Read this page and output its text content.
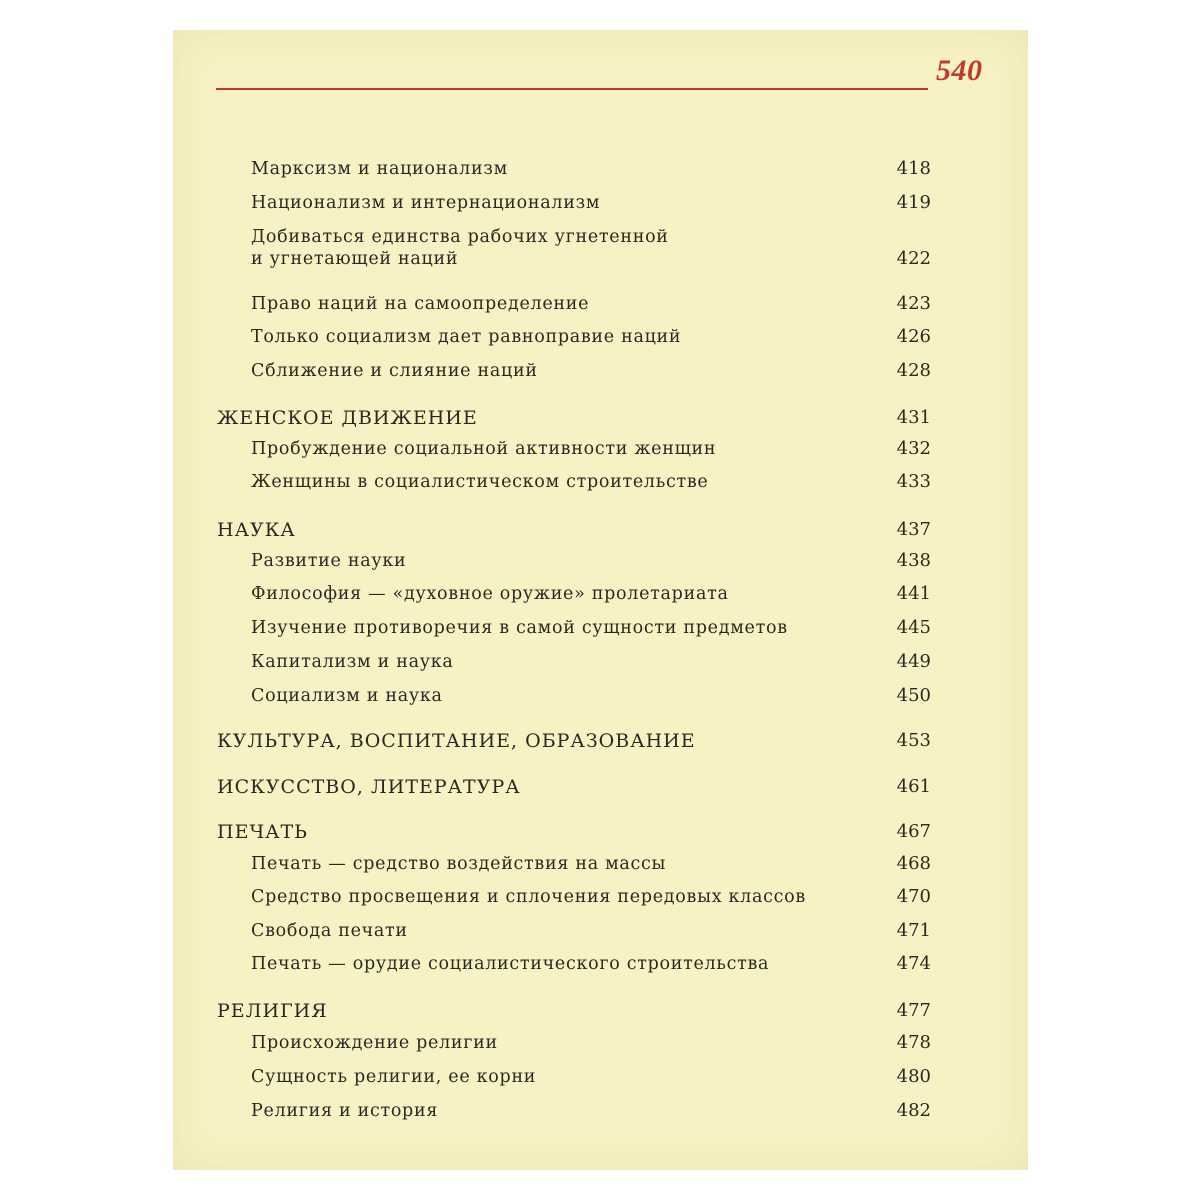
540
Марксизм и национализм	418
Национализм и интернационализм	419
Добиваться единства рабочих угнетенной
и угнетающей наций	422
Право наций на самоопределение	423
Только социализм дает равноправие наций	426
Сближение и слияние наций	428
ЖЕНСКОЕ ДВИЖЕНИЕ	431
Пробуждение социальной активности женщин	432
Женщины в социалистическом строительстве	433
НАУКА	437
Развитие науки	438
Философия — «духовное оружие» пролетариата	441
Изучение противоречия в самой сущности предметов	445
Капитализм и наука	449
Социализм и наука	450
КУЛЬТУРА, ВОСПИТАНИЕ, ОБРАЗОВАНИЕ	453
ИСКУССТВО, ЛИТЕРАТУРА	461
ПЕЧАТЬ	467
Печать — средство воздействия на массы	468
Средство просвещения и сплочения передовых классов	470
Свобода печати	471
Печать — орудие социалистического строительства	474
РЕЛИГИЯ	477
Происхождение религии	478
Сущность религии, ее корни	480
Религия и история	482
